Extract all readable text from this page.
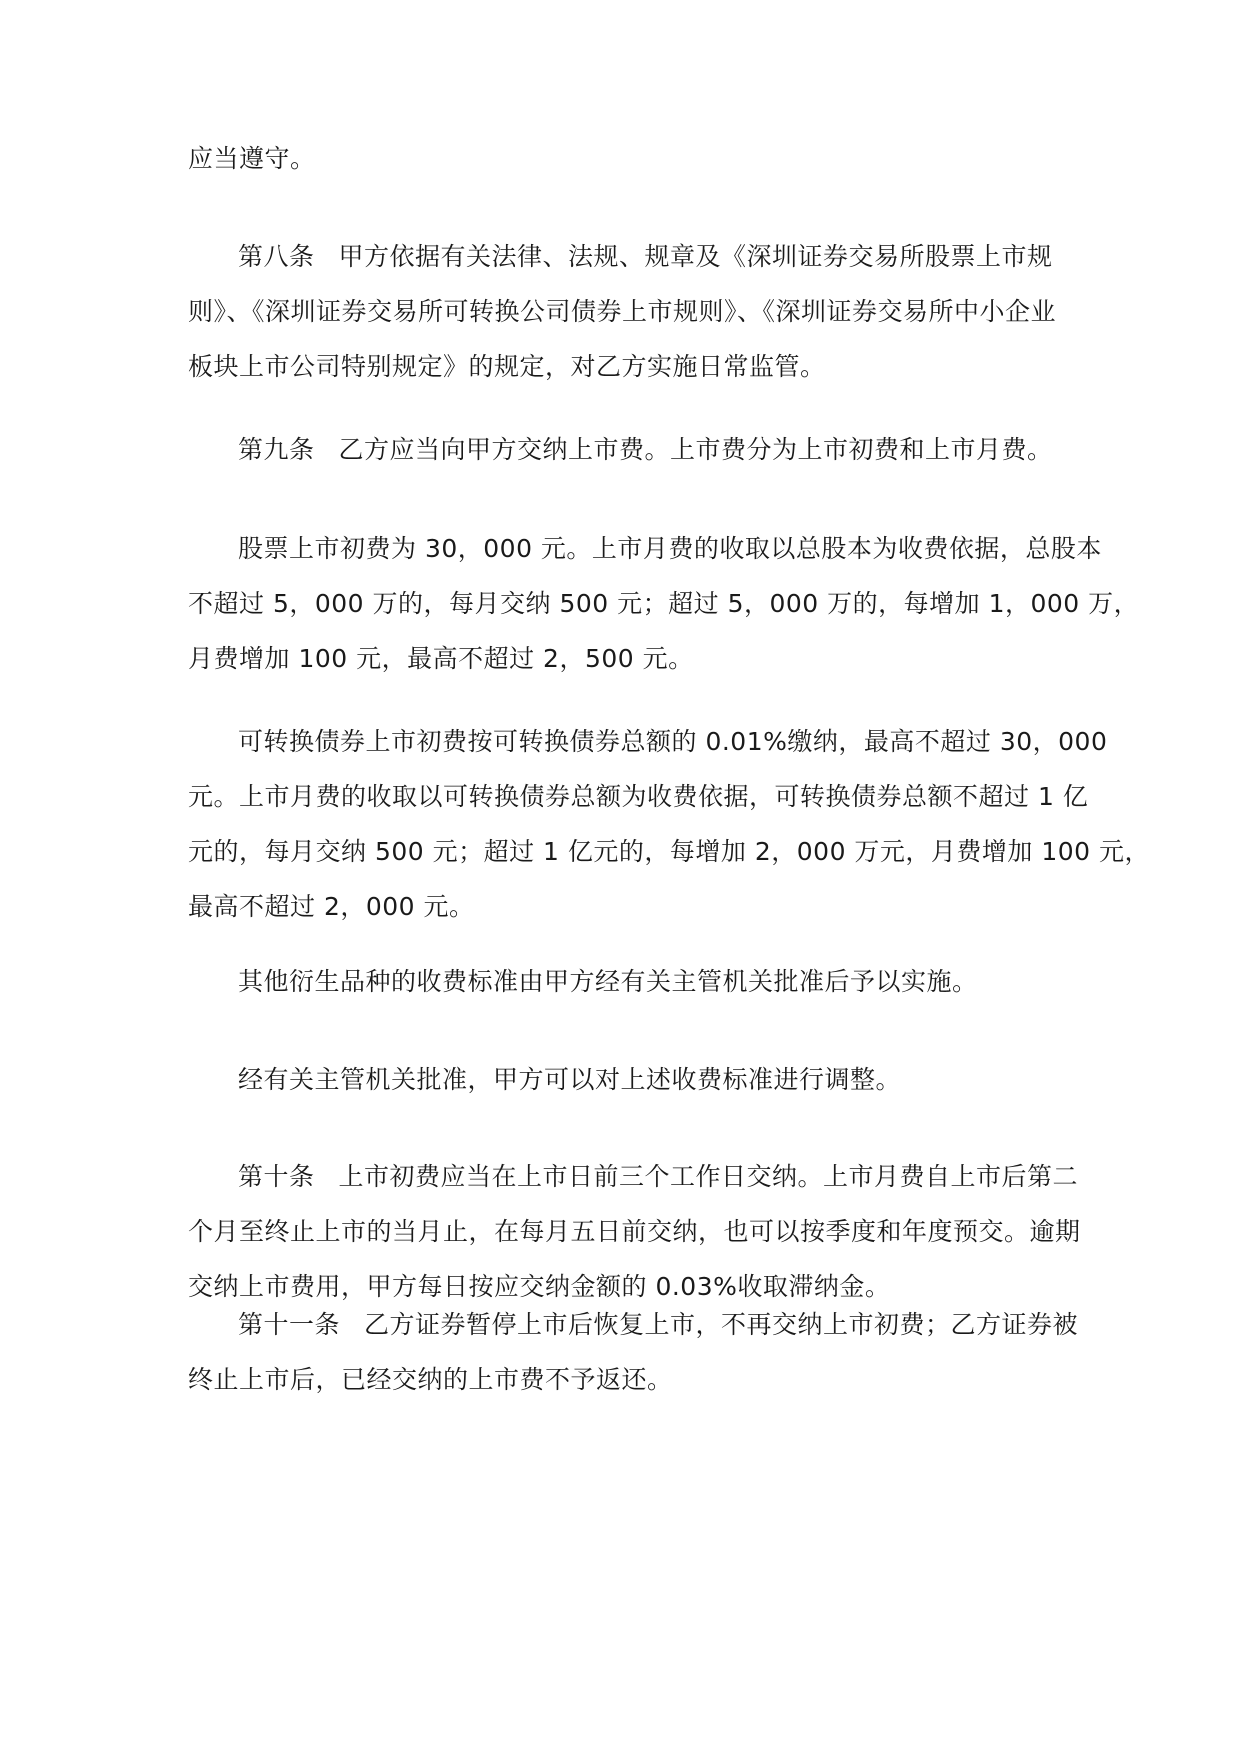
应当遵守。
第八条 甲方依据有关法律、法规、规章及《深圳证券交易所股票上市规
则》、《深圳证券交易所可转换公司债券上市规则》、《深圳证券交易所中小企业
板块上市公司特别规定》的规定，对乙方实施日常监管。
第九条 乙方应当向甲方交纳上市费。上市费分为上市初费和上市月费。
股票上市初费为 30，000 元。上市月费的收取以总股本为收费依据，总股本
不超过 5，000 万的，每月交纳 500 元；超过 5，000 万的，每增加 1，000 万，
月费增加 100 元，最高不超过 2，500 元。
可转换债券上市初费按可转换债券总额的 0.01%缴纳，最高不超过 30，000
元。上市月费的收取以可转换债券总额为收费依据，可转换债券总额不超过 1 亿
元的，每月交纳 500 元；超过 1 亿元的，每增加 2，000 万元，月费增加 100 元，
最高不超过 2，000 元。
其他衍生品种的收费标准由甲方经有关主管机关批准后予以实施。
经有关主管机关批准，甲方可以对上述收费标准进行调整。
第十条 上市初费应当在上市日前三个工作日交纳。上市月费自上市后第二
个月至终止上市的当月止，在每月五日前交纳，也可以按季度和年度预交。逾期
交纳上市费用，甲方每日按应交纳金额的 0.03%收取滞纳金。
第十一条 乙方证券暂停上市后恢复上市，不再交纳上市初费；乙方证券被
终止上市后，已经交纳的上市费不予返还。
